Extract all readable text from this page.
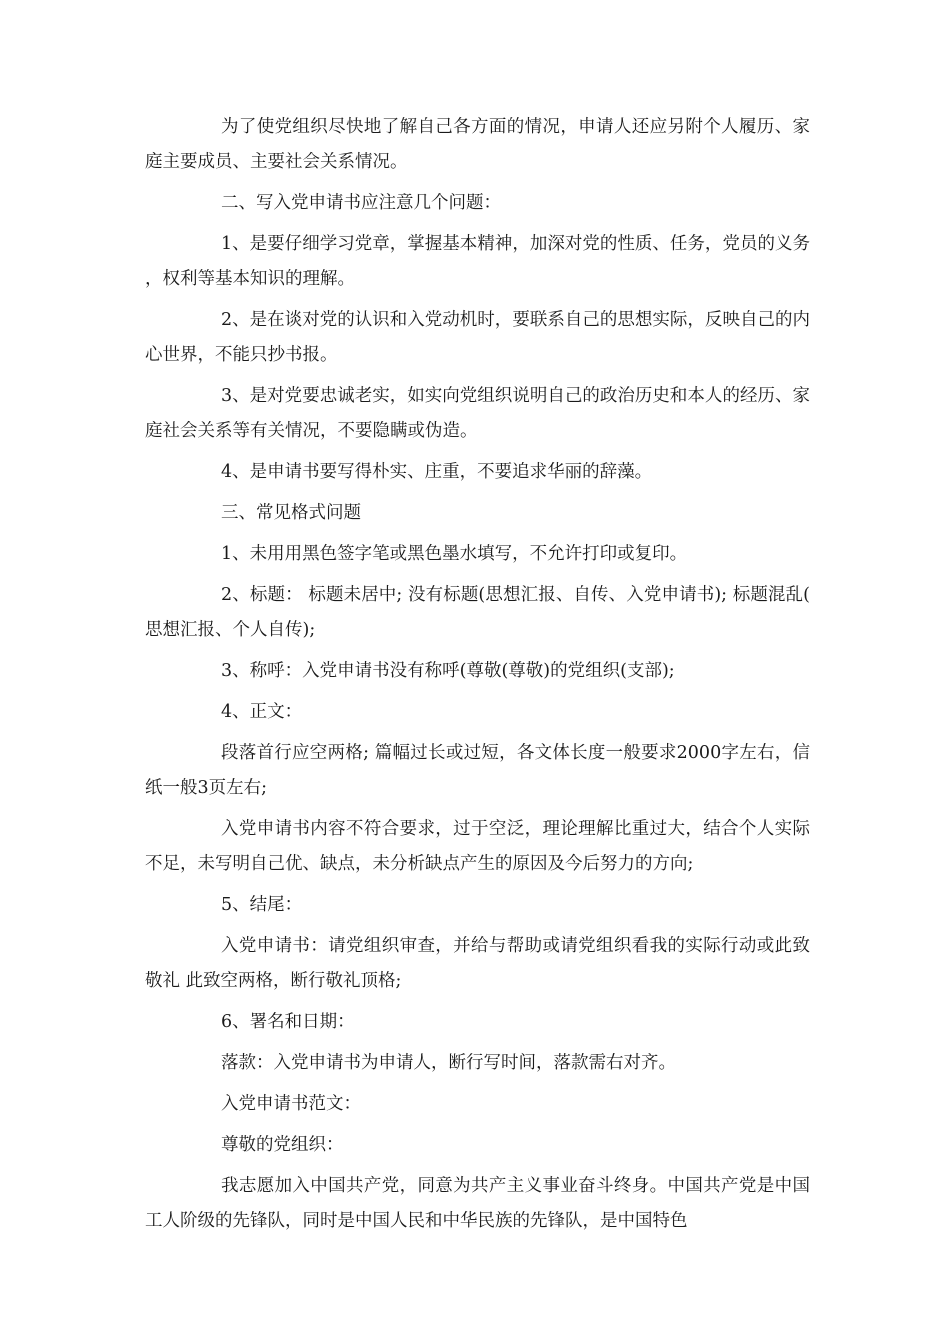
为了使党组织尽快地了解自己各方面的情况，申请人还应另附个人履历、家庭主要成员、主要社会关系情况。

二、写入党申请书应注意几个问题：

1、是要仔细学习党章，掌握基本精神，加深对党的性质、任务，党员的义务，权利等基本知识的理解。

2、是在谈对党的认识和入党动机时，要联系自己的思想实际，反映自己的内心世界，不能只抄书报。

3、是对党要忠诚老实，如实向党组织说明自己的政治历史和本人的经历、家庭社会关系等有关情况，不要隐瞒或伪造。

4、是申请书要写得朴实、庄重，不要追求华丽的辞藻。

三、常见格式问题

1、未用用黑色签字笔或黑色墨水填写，不允许打印或复印。

2、标题： 标题未居中; 没有标题(思想汇报、自传、入党申请书); 标题混乱(思想汇报、个人自传);

3、称呼：入党申请书没有称呼(尊敬(尊敬)的党组织(支部);

4、正文：

段落首行应空两格; 篇幅过长或过短，各文体长度一般要求2000字左右，信纸一般3页左右;

入党申请书内容不符合要求，过于空泛，理论理解比重过大，结合个人实际不足，未写明自己优、缺点，未分析缺点产生的原因及今后努力的方向;

5、结尾：

入党申请书：请党组织审查，并给与帮助或请党组织看我的实际行动或此致敬礼 此致空两格，断行敬礼顶格;

6、署名和日期：

落款：入党申请书为申请人，断行写时间，落款需右对齐。

入党申请书范文：

尊敬的党组织：

我志愿加入中国共产党，同意为共产主义事业奋斗终身。中国共产党是中国工人阶级的先锋队，同时是中国人民和中华民族的先锋队，是中国特色
